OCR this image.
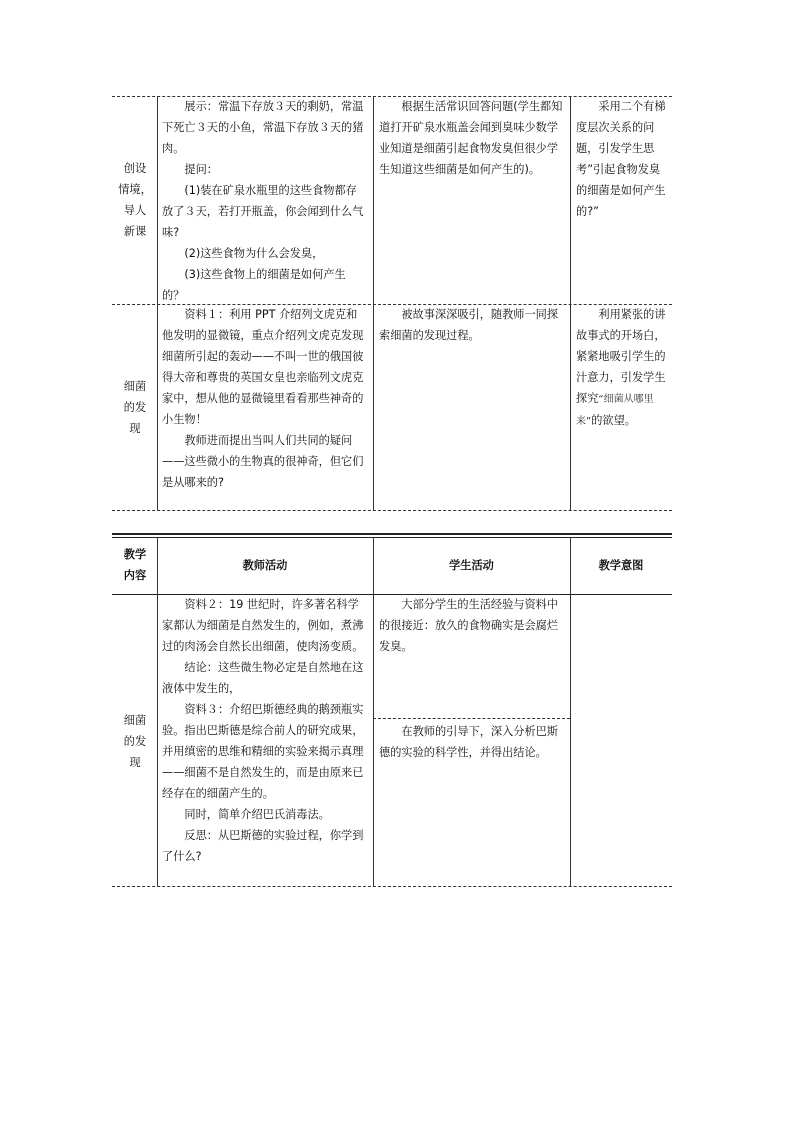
创设
情境，
导人
新课

展示：常温下存放３天的剩奶，常温下死亡３天的小鱼，常温下存放３天的猪肉。

提问：

(1)装在矿泉水瓶里的这些食物都存放了３天，若打开瓶盖，你会闻到什么气味?

(2)这些食物为什么会发臭，

(3)这些食物上的细菌是如何产生的？

根据生活常识回答问题(学生都知道打开矿泉水瓶盖会闻到臭味少数学业知道是细菌引起食物发臭但很少学生知道这些细菌是如何产生的)。

采用二个有梯度层次关系的问题，引发学生思考”引起食物发臭的细菌是如何产生的?”

细菌
的发
现

资料１：利用 PPT 介绍列文虎克和他发明的显微镜，重点介绍列文虎克发现细菌所引起的轰动——不叫一世的俄国彼得大帝和尊贵的英国女皇也亲临列文虎克家中，想从他的显微镜里看看那些神奇的小生物！

教师进而提出当叫人们共同的疑问——这些微小的生物真的很神奇，但它们是从哪来的?

被故事深深吸引，随教师一同探索细菌的发现过程。

利用紧张的讲故事式的开场白，紧紧地吸引学生的汁意力，引发学生探究“细菌从哪里来”的欲望。

教学
内容
教师活动	学生活动	教学意图
细菌
的发
现

资料２：19 世纪时，许多著名科学家都认为细菌是自然发生的，例如，煮沸过的肉汤会自然长出细菌，使肉汤变质。

结论：这些微生物必定是自然地在这液体中发生的，

资料３：介绍巴斯德经典的鹅颈瓶实验。指出巴斯德是综合前人的研究成果，并用缜密的思维和精细的实验来揭示真理——细菌不是自然发生的，而是由原来已经存在的细菌产生的。

同时，简单介绍巴氏消毒法。

反思：从巴斯德的实验过程，你学到了什么?

大部分学生的生活经验与资料中的很接近：放久的食物确实是会腐烂发臭。

在教师的引导下，深入分析巴斯德的实验的科学性，并得出结论。
